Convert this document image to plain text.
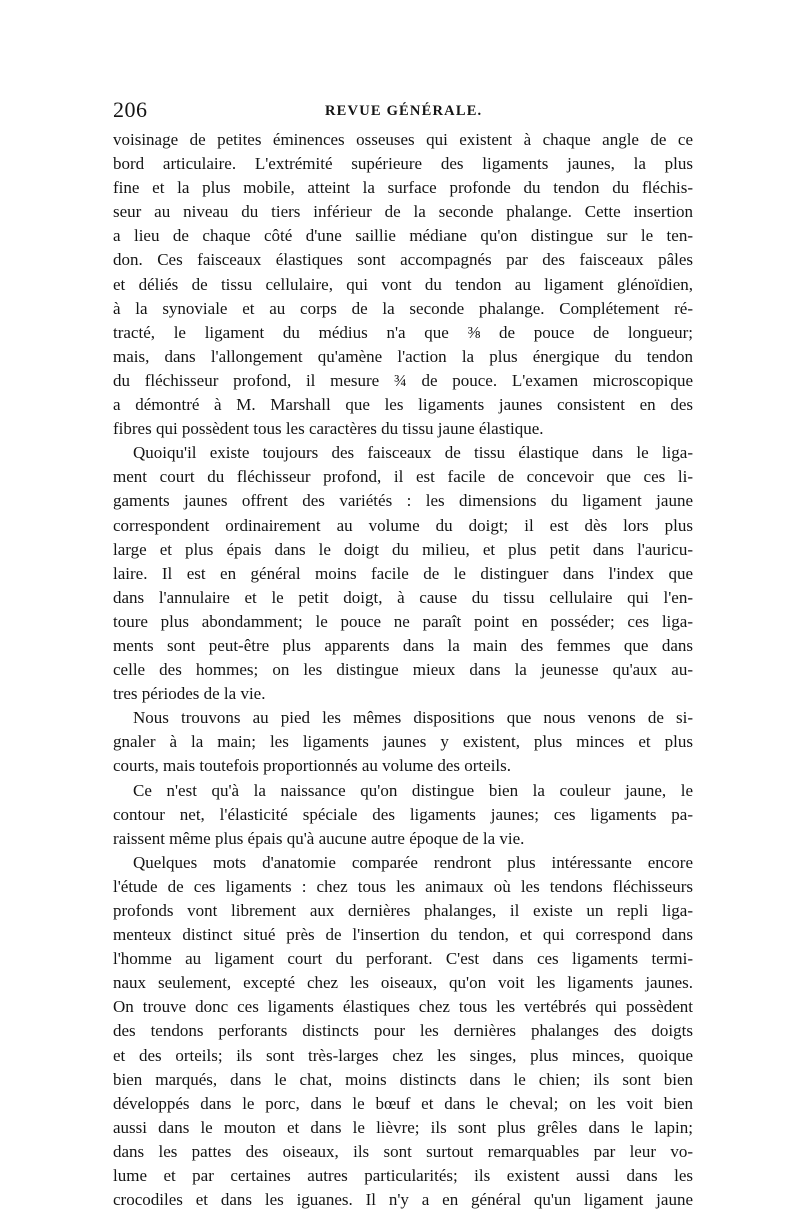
206	REVUE GÉNÉRALE.
voisinage de petites éminences osseuses qui existent à chaque angle de ce
bord articulaire. L'extrémité supérieure des ligaments jaunes, la plus
fine et la plus mobile, atteint la surface profonde du tendon du fléchis-
seur au niveau du tiers inférieur de la seconde phalange. Cette insertion
a lieu de chaque côté d'une saillie médiane qu'on distingue sur le ten-
don. Ces faisceaux élastiques sont accompagnés par des faisceaux pâles
et déliés de tissu cellulaire, qui vont du tendon au ligament glénoïdien,
à la synoviale et au corps de la seconde phalange. Complétement ré-
tracté, le ligament du médius n'a que ⅜ de pouce de longueur;
mais, dans l'allongement qu'amène l'action la plus énergique du tendon
du fléchisseur profond, il mesure ¾ de pouce. L'examen microscopique
a démontré à M. Marshall que les ligaments jaunes consistent en des
fibres qui possèdent tous les caractères du tissu jaune élastique.
Quoiqu'il existe toujours des faisceaux de tissu élastique dans le liga-
ment court du fléchisseur profond, il est facile de concevoir que ces li-
gaments jaunes offrent des variétés : les dimensions du ligament jaune
correspondent ordinairement au volume du doigt; il est dès lors plus
large et plus épais dans le doigt du milieu, et plus petit dans l'auricu-
laire. Il est en général moins facile de le distinguer dans l'index que
dans l'annulaire et le petit doigt, à cause du tissu cellulaire qui l'en-
toure plus abondamment; le pouce ne paraît point en posséder; ces liga-
ments sont peut-être plus apparents dans la main des femmes que dans
celle des hommes; on les distingue mieux dans la jeunesse qu'aux au-
tres périodes de la vie.
Nous trouvons au pied les mêmes dispositions que nous venons de si-
gnaler à la main; les ligaments jaunes y existent, plus minces et plus
courts, mais toutefois proportionnés au volume des orteils.
Ce n'est qu'à la naissance qu'on distingue bien la couleur jaune, le
contour net, l'élasticité spéciale des ligaments jaunes; ces ligaments pa-
raissent même plus épais qu'à aucune autre époque de la vie.
Quelques mots d'anatomie comparée rendront plus intéressante encore
l'étude de ces ligaments : chez tous les animaux où les tendons fléchisseurs
profonds vont librement aux dernières phalanges, il existe un repli liga-
menteux distinct situé près de l'insertion du tendon, et qui correspond dans
l'homme au ligament court du perforant. C'est dans ces ligaments termi-
naux seulement, excepté chez les oiseaux, qu'on voit les ligaments jaunes.
On trouve donc ces ligaments élastiques chez tous les vertébrés qui possèdent
des tendons perforants distincts pour les dernières phalanges des doigts
et des orteils; ils sont très-larges chez les singes, plus minces, quoique
bien marqués, dans le chat, moins distincts dans le chien; ils sont bien
développés dans le porc, dans le bœuf et dans le cheval; on les voit bien
aussi dans le mouton et dans le lièvre; ils sont plus grêles dans le lapin;
dans les pattes des oiseaux, ils sont surtout remarquables par leur vo-
lume et par certaines autres particularités; ils existent aussi dans les
crocodiles et dans les iguanes. Il n'y a en général qu'un ligament jaune
